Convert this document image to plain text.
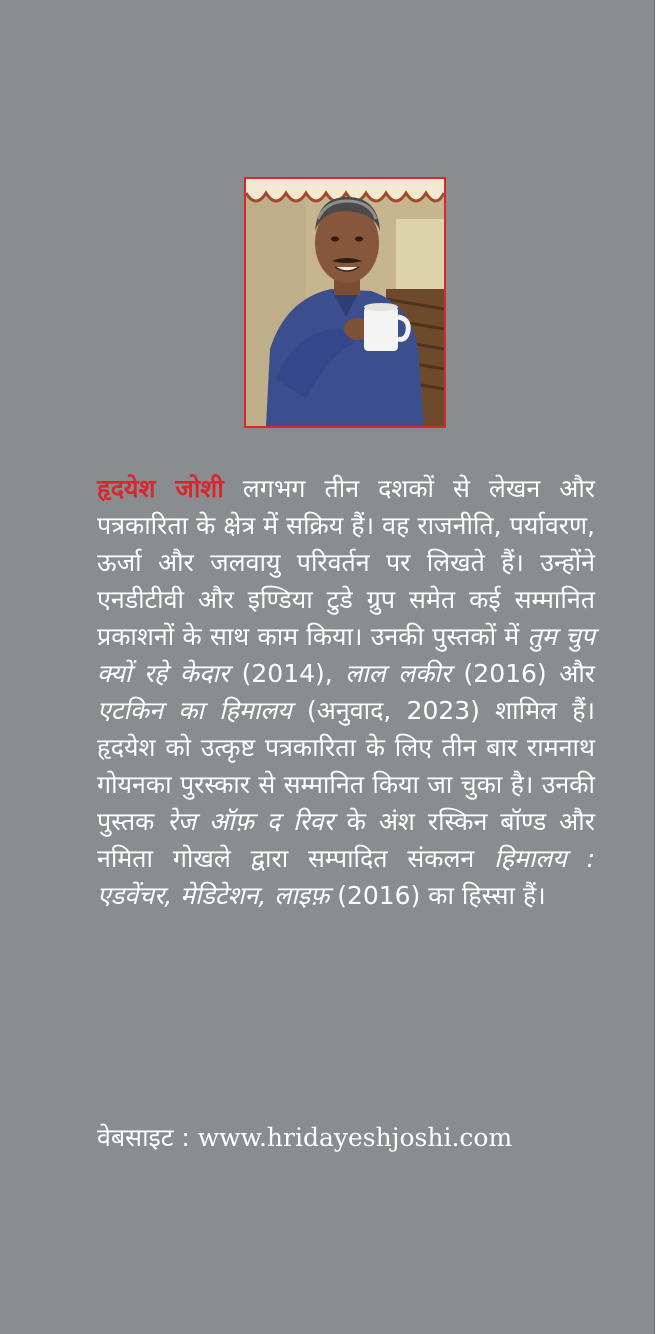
हृदयेश जोशी लगभग तीन दशकों से लेखन और पत्रकारिता के क्षेत्र में सक्रिय हैं। वह राजनीति, पर्यावरण, ऊर्जा और जलवायु परिवर्तन पर लिखते हैं। उन्होंने एनडीटीवी और इण्डिया टुडे ग्रुप समेत कई सम्मानित प्रकाशनों के साथ काम किया। उनकी पुस्तकों में तुम चुप क्यों रहे केदार (2014), लाल लकीर (2016) और एटकिन का हिमालय (अनुवाद, 2023) शामिल हैं। हृदयेश को उत्कृष्ट पत्रकारिता के लिए तीन बार रामनाथ गोयनका पुरस्कार से सम्मानित किया जा चुका है। उनकी पुस्तक रेज ऑफ़ द रिवर के अंश रस्किन बॉण्ड और नमिता गोखले द्वारा सम्पादित संकलन हिमालय : एडवेंचर, मेडिटेशन, लाइफ़ (2016) का हिस्सा हैं।

वेबसाइट : www.hridayeshjoshi.com
